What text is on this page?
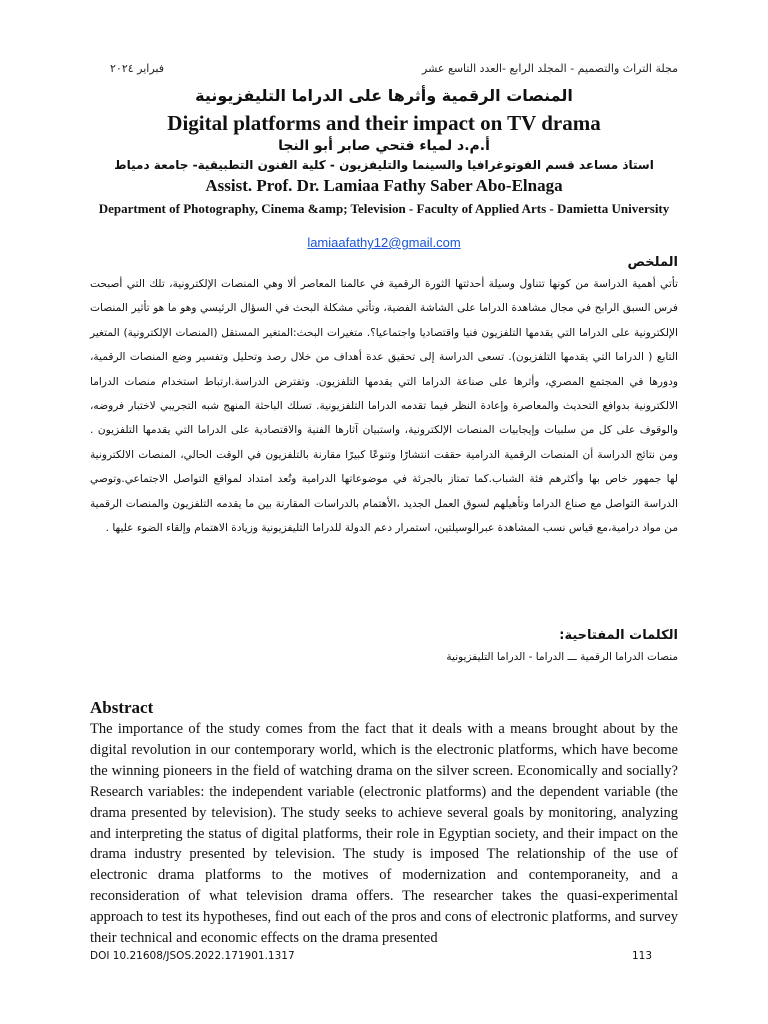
مجلة التراث والتصميم - المجلد الرابع -العدد التاسع عشر
فبراير ٢٠٢٤
المنصات الرقمية وأثرها على الدراما التليفزيونية
Digital platforms and their impact on TV drama
أ.م.د لمياء فتحي صابر أبو النجا
استاذ مساعد قسم الفوتوغرافيا والسينما والتليفزيون - كلية الفنون التطبيقية- جامعة دمياط
Assist. Prof. Dr. Lamiaa Fathy Saber Abo-Elnaga
Department of Photography, Cinema &amp; Television - Faculty of Applied Arts - Damietta University
lamiaafathy12@gmail.com
الملخص
تأتي أهمية الدراسة من كونها تتناول وسيلة أحدثتها الثورة الرقمية في عالمنا المعاصر ألا وهي المنصات الإلكترونية، تلك التي أصبحت فرس السبق الرابح في مجال مشاهدة الدراما على الشاشة الفضية، وتأتي مشكلة البحث في السؤال الرئيسي وهو ما هو تأثير المنصات الإلكترونية على الدراما التي يقدمها التلفزيون فنيا واقتصاديا واجتماعيا؟. متغيرات البحث:المتغير المستقل (المنصات الإلكترونية) المتغير التابع ( الدراما التي يقدمها التلفزيون). تسعى الدراسة إلى تحقيق عدة أهداف من خلال رصد وتحليل وتفسير وضع المنصات الرقمية، ودورها في المجتمع المصري، وأثرها على صناعة الدراما التي يقدمها التلفزيون. وتفترض الدراسة.ارتباط استخدام منصات الدراما الالكترونية بدوافع التحديث والمعاصرة وإعادة النظر فيما تقدمه الدراما التلفزيونية. تسلك الباحثة المنهج شبه التجريبي لاختبار فروضه، والوقوف على كل من سلبيات وإيجابيات المنصات الإلكترونية، واستبيان آثارها الفنية والاقتصادية على الدراما التي يقدمها التلفزيون . ومن نتائج الدراسة أن المنصات الرقمية الدرامية حققت انتشارًا وتنوعًا كبيرًا مقارنة بالتلفزيون في الوقت الحالي، المنصات الالكترونية لها جمهور خاص بها وأكثرهم فئة الشباب.كما تمتاز بالجرئة في موضوعاتها الدرامية وتُعد امتداد لمواقع التواصل الاجتماعي.وتوصي الدراسة التواصل مع صناع الدراما وتأهيلهم لسوق العمل الجديد ،الأهتمام بالدراسات المقارنة بين ما يقدمه التلفزيون والمنصات الرقمية من مواد درامية،مع قياس نسب المشاهدة عبرالوسيلتين، استمرار دعم الدولة للدراما التليفزيونية وزيادة الاهتمام وإلقاء الضوء عليها .
الكلمات المفتاحية:
منصات الدراما الرقمية ـــ الدراما - الدراما التليفزيونية
Abstract
The importance of the study comes from the fact that it deals with a means brought about by the digital revolution in our contemporary world, which is the electronic platforms, which have become the winning pioneers in the field of watching drama on the silver screen. Economically and socially? Research variables: the independent variable (electronic platforms) and the dependent variable (the drama presented by television). The study seeks to achieve several goals by monitoring, analyzing and interpreting the status of digital platforms, their role in Egyptian society, and their impact on the drama industry presented by television. The study is imposed The relationship of the use of electronic drama platforms to the motives of modernization and contemporaneity, and a reconsideration of what television drama offers. The researcher takes the quasi-experimental approach to test its hypotheses, find out each of the pros and cons of electronic platforms, and survey their technical and economic effects on the drama presented
DOI 10.21608/JSOS.2022.171901.1317	113
